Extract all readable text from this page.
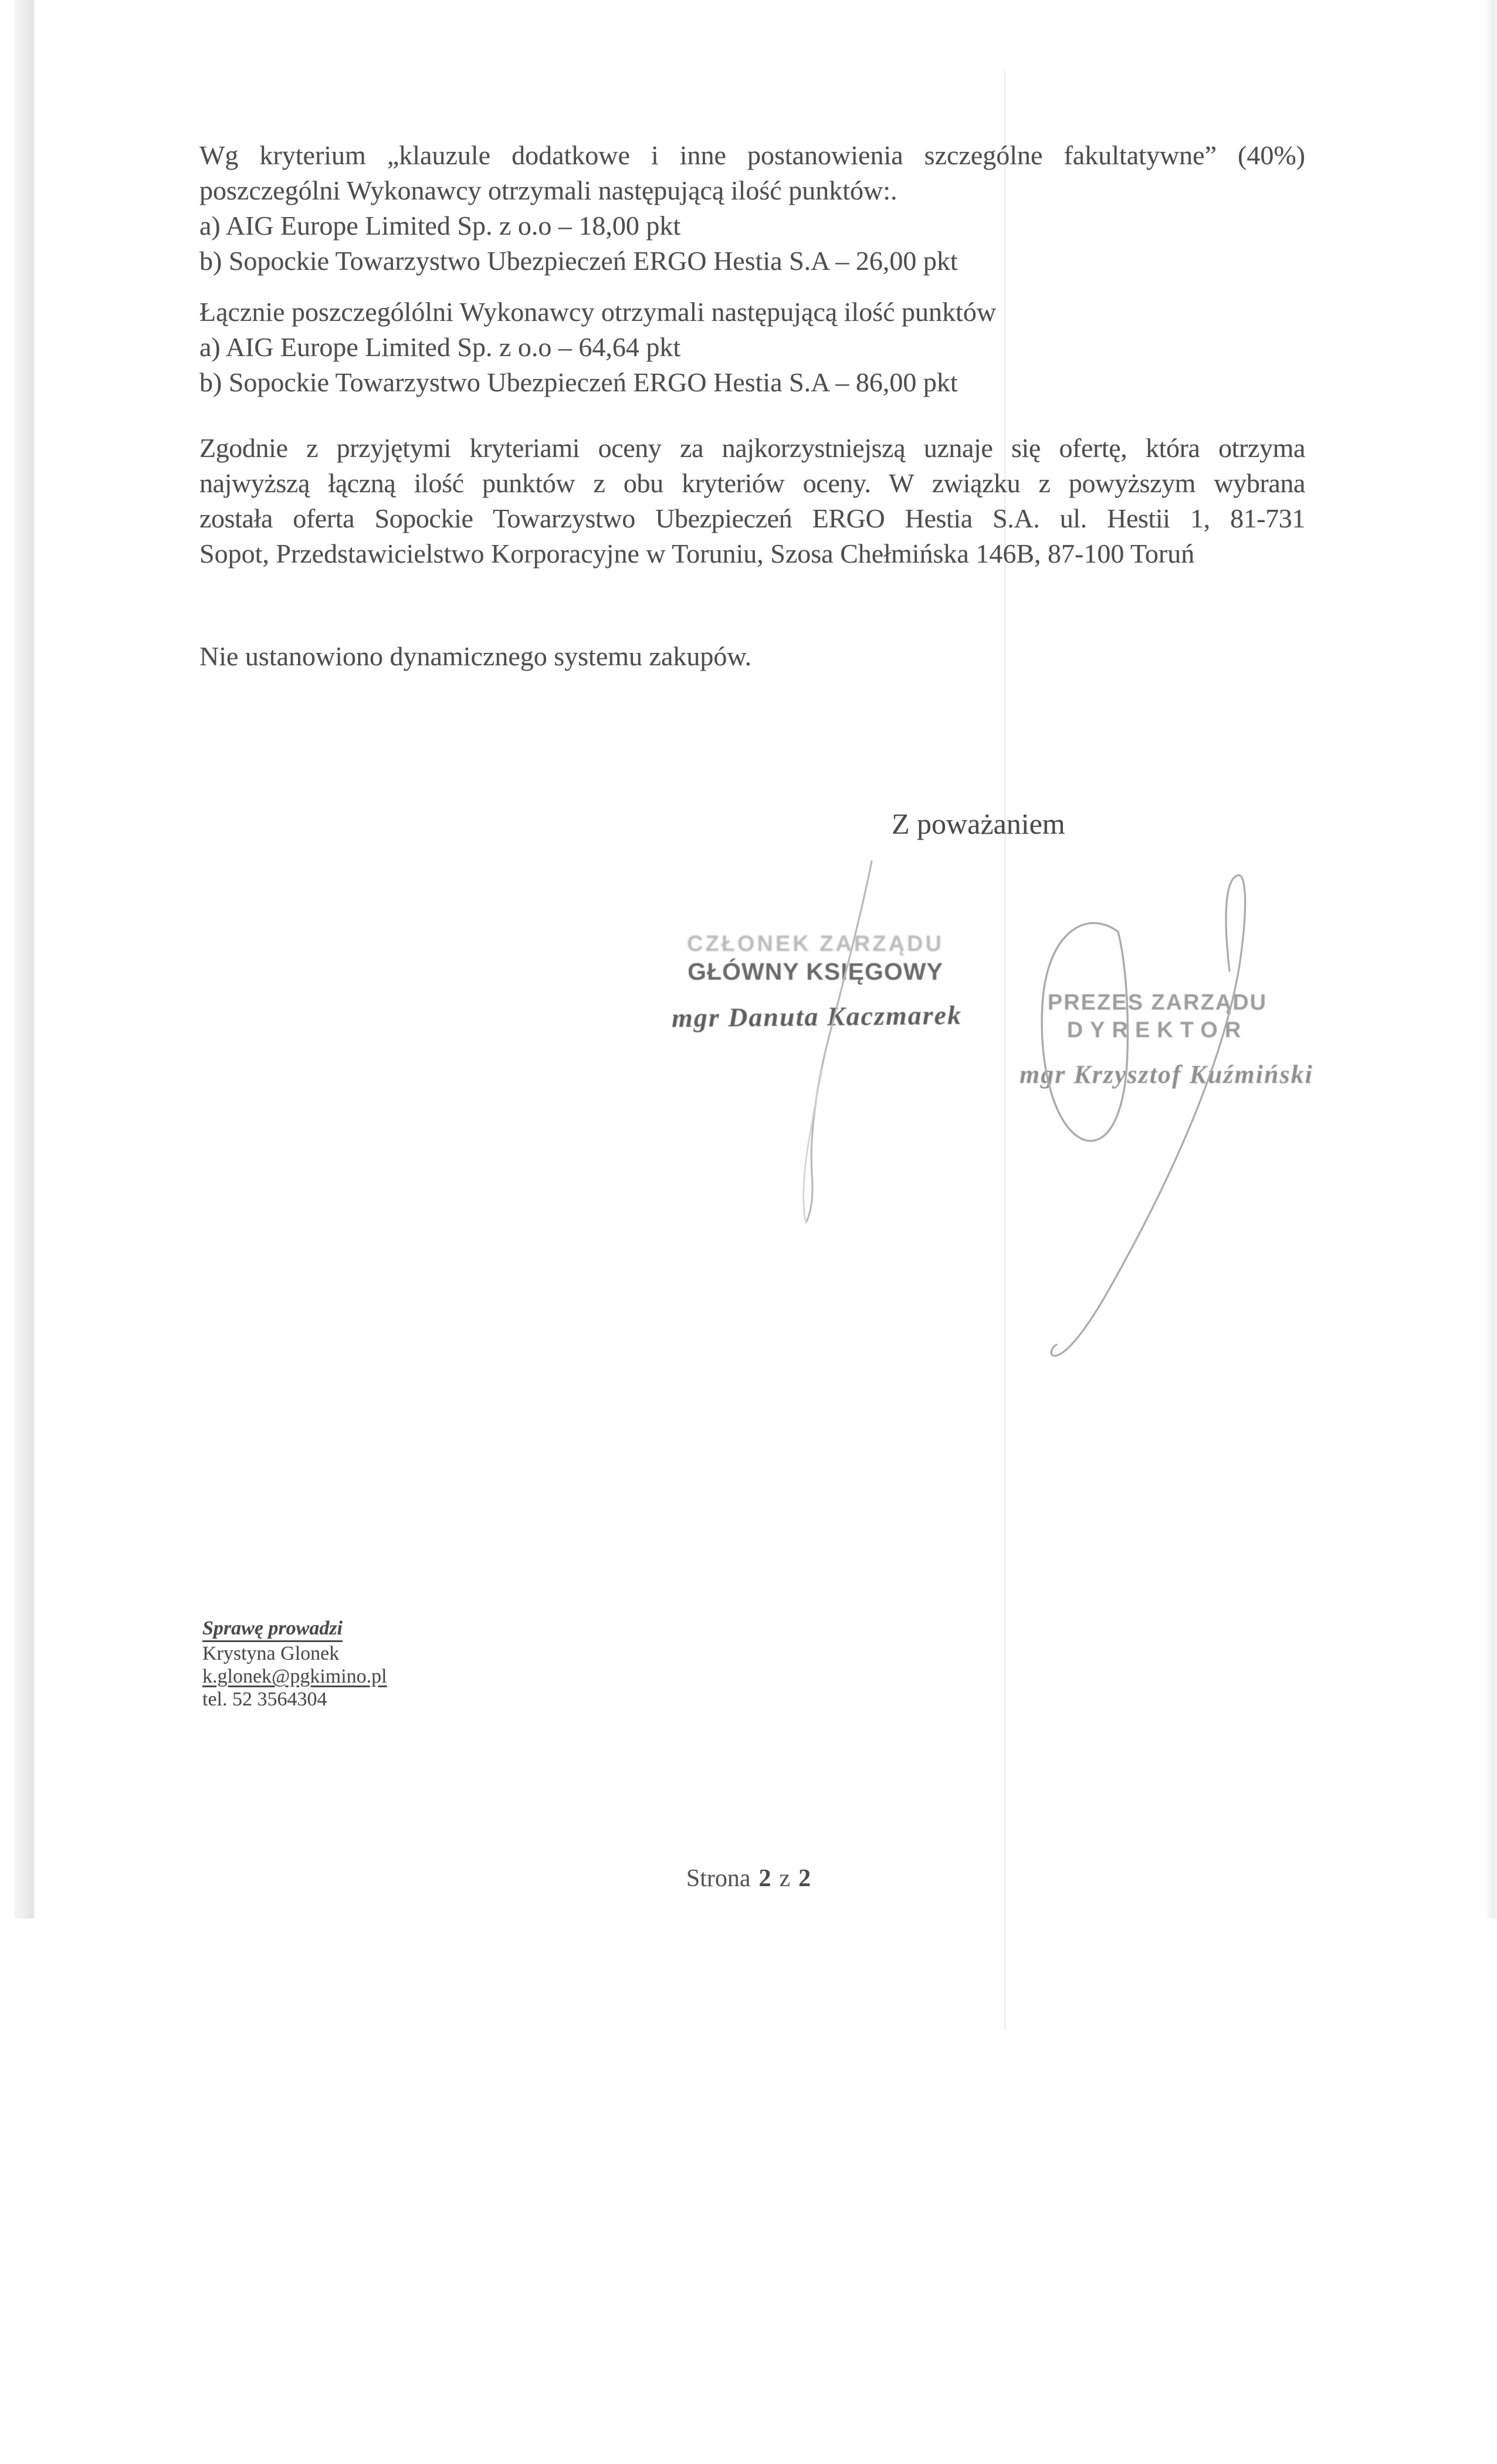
Wg kryterium „klauzule dodatkowe i inne postanowienia szczególne fakultatywne” (40%)
poszczególni Wykonawcy otrzymali następującą ilość punktów:.
a) AIG Europe Limited Sp. z o.o – 18,00 pkt
b) Sopockie Towarzystwo Ubezpieczeń ERGO Hestia S.A – 26,00 pkt
Łącznie poszczególólni Wykonawcy otrzymali następującą ilość punktów
a) AIG Europe Limited Sp. z o.o – 64,64 pkt
b) Sopockie Towarzystwo Ubezpieczeń ERGO Hestia S.A – 86,00 pkt
Zgodnie z przyjętymi kryteriami oceny za najkorzystniejszą uznaje się ofertę, która otrzyma
najwyższą łączną ilość punktów z obu kryteriów oceny. W związku z powyższym wybrana
została oferta Sopockie Towarzystwo Ubezpieczeń ERGO Hestia S.A. ul. Hestii 1, 81-731
Sopot, Przedstawicielstwo Korporacyjne w Toruniu, Szosa Chełmińska 146B, 87-100 Toruń
Nie ustanowiono dynamicznego systemu zakupów.
Z poważaniem
CZŁONEK ZARZĄDU
GŁÓWNY KSIĘGOWY
mgr Danuta Kaczmarek	PREZES ZARZĄDU
DYREKTOR
mgr Krzysztof Kuźmiński
Sprawę prowadzi
Krystyna Glonek
k.glonek@pgkimino.pl
tel. 52 3564304
Strona 2 z 2
